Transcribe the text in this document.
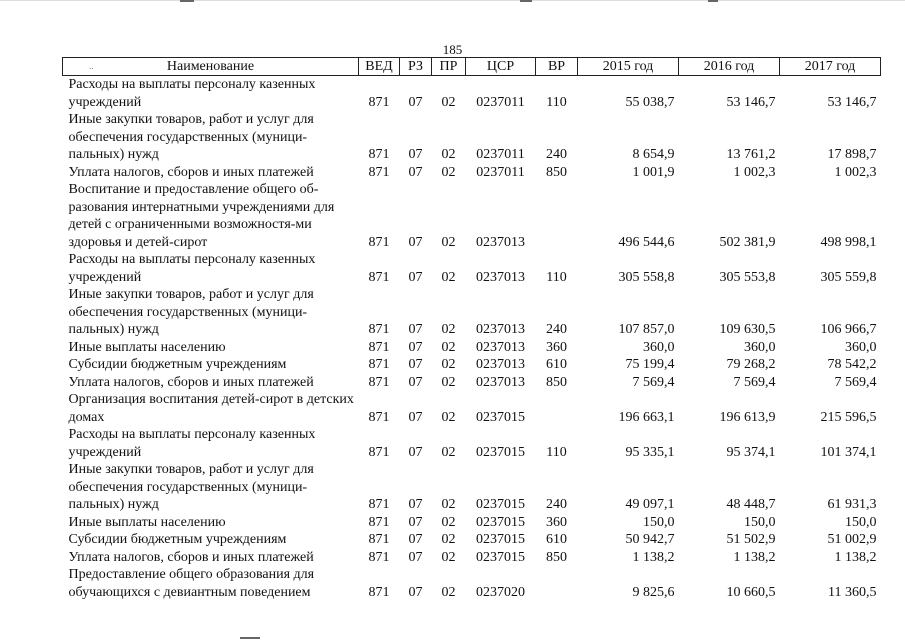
185
.. Наименование	ВЕД	РЗ	ПР	ЦСР	ВР	2015 год	2016 год	2017 год
Расходы на выплаты персоналу казенных учреждений	871	07	02	0237011	110	55 038,7	53 146,7	53 146,7
Иные закупки товаров, работ и услуг для обеспечения государственных (муници-пальных) нужд	871	07	02	0237011	240	8 654,9	13 761,2	17 898,7
Уплата налогов, сборов и иных платежей	871	07	02	0237011	850	1 001,9	1 002,3	1 002,3
Воспитание и предоставление общего об-разования интернатными учреждениями для детей с ограниченными возможностя-ми здоровья и детей-сирот	871	07	02	0237013		496 544,6	502 381,9	498 998,1
Расходы на выплаты персоналу казенных учреждений	871	07	02	0237013	110	305 558,8	305 553,8	305 559,8
Иные закупки товаров, работ и услуг для обеспечения государственных (муници-пальных) нужд	871	07	02	0237013	240	107 857,0	109 630,5	106 966,7
Иные выплаты населению	871	07	02	0237013	360	360,0	360,0	360,0
Субсидии бюджетным учреждениям	871	07	02	0237013	610	75 199,4	79 268,2	78 542,2
Уплата налогов, сборов и иных платежей	871	07	02	0237013	850	7 569,4	7 569,4	7 569,4
Организация воспитания детей-сирот в детских домах	871	07	02	0237015		196 663,1	196 613,9	215 596,5
Расходы на выплаты персоналу казенных учреждений	871	07	02	0237015	110	95 335,1	95 374,1	101 374,1
Иные закупки товаров, работ и услуг для обеспечения государственных (муници-пальных) нужд	871	07	02	0237015	240	49 097,1	48 448,7	61 931,3
Иные выплаты населению	871	07	02	0237015	360	150,0	150,0	150,0
Субсидии бюджетным учреждениям	871	07	02	0237015	610	50 942,7	51 502,9	51 002,9
Уплата налогов, сборов и иных платежей	871	07	02	0237015	850	1 138,2	1 138,2	1 138,2
Предоставление общего образования для обучающихся с девиантным поведением	871	07	02	0237020		9 825,6	10 660,5	11 360,5
